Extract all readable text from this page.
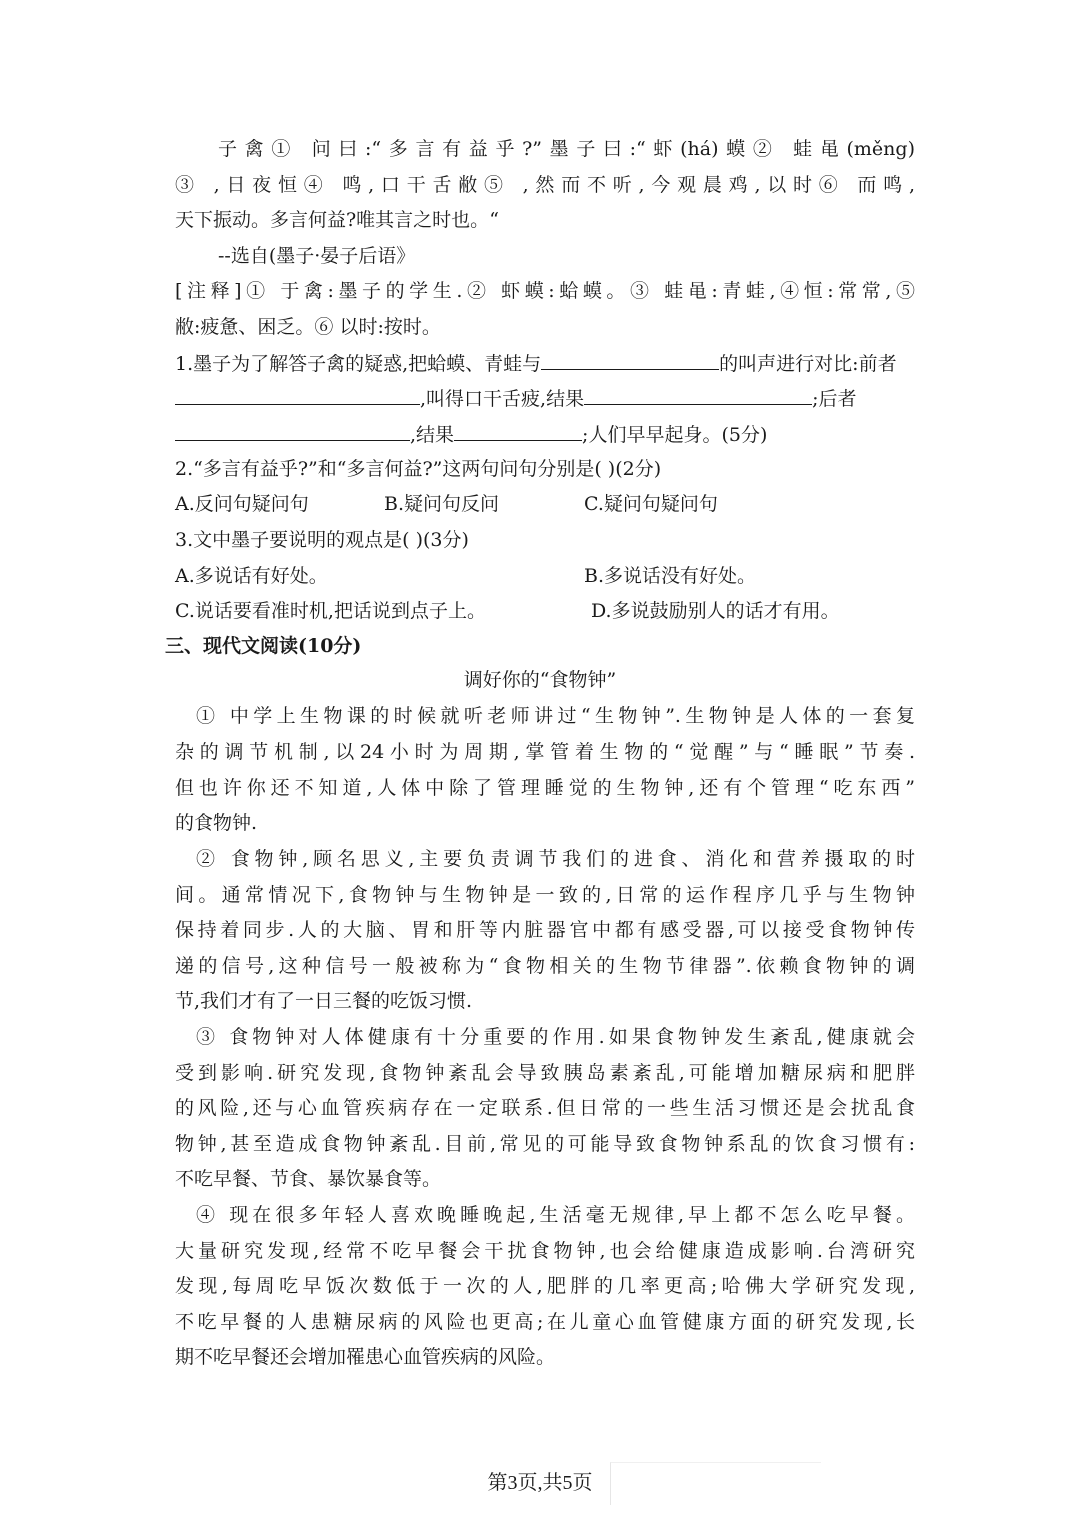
子禽① 问曰:“多言有益乎?”墨子曰:“虾(há)蟆② 蛙黾(měng)
③ ,日夜恒④ 鸣,口干舌敝⑤ ,然而不听,今观晨鸡,以时⑥ 而鸣,
天下振动。多言何益?唯其言之时也。“
--选自(墨子·晏子后语》
[注释]① 于禽:墨子的学生.② 虾蟆:蛤蟆。③ 蛙黾:青蛙,④恒:常常,⑤
敝:疲惫、困乏。⑥ 以时:按时。
1.墨子为了解答子禽的疑惑,把蛤蟆、青蛙与	的叫声进行对比:前者
,叫得口干舌疲,结果	;后者
,结果	;人们早早起身。(5分)
2.“多言有益乎?”和“多言何益?”这两句问句分别是( )(2分)
A.反问句疑问句	B.疑问句反问	C.疑问句疑问句
3.文中墨子要说明的观点是( )(3分)
A.多说话有好处。	B.多说话没有好处。
C.说话要看准时机,把话说到点子上。	D.多说鼓励别人的话才有用。
三、现代文阅读(10分)
调好你的“食物钟”
① 中学上生物课的时候就听老师讲过“生物钟”.生物钟是人体的一套复
杂的调节机制,以24小时为周期,掌管着生物的“觉醒”与“睡眠”节奏.
但也许你还不知道,人体中除了管理睡觉的生物钟,还有个管理“吃东西”
的食物钟.
② 食物钟,顾名思义,主要负责调节我们的进食、消化和营养摄取的时
间。通常情况下,食物钟与生物钟是一致的,日常的运作程序几乎与生物钟
保持着同步.人的大脑、胃和肝等内脏器官中都有感受器,可以接受食物钟传
递的信号,这种信号一般被称为“食物相关的生物节律器”.依赖食物钟的调
节,我们才有了一日三餐的吃饭习惯.
③ 食物钟对人体健康有十分重要的作用.如果食物钟发生紊乱,健康就会
受到影响.研究发现,食物钟紊乱会导致胰岛素紊乱,可能增加糖尿病和肥胖
的风险,还与心血管疾病存在一定联系.但日常的一些生活习惯还是会扰乱食
物钟,甚至造成食物钟紊乱.目前,常见的可能导致食物钟系乱的饮食习惯有:
不吃早餐、节食、暴饮暴食等。
④ 现在很多年轻人喜欢晚睡晚起,生活毫无规律,早上都不怎么吃早餐。
大量研究发现,经常不吃早餐会干扰食物钟,也会给健康造成影响.台湾研究
发现,每周吃早饭次数低于一次的人,肥胖的几率更高;哈佛大学研究发现,
不吃早餐的人患糖尿病的风险也更高;在儿童心血管健康方面的研究发现,长
期不吃早餐还会增加罹患心血管疾病的风险。
第3页,共5页
